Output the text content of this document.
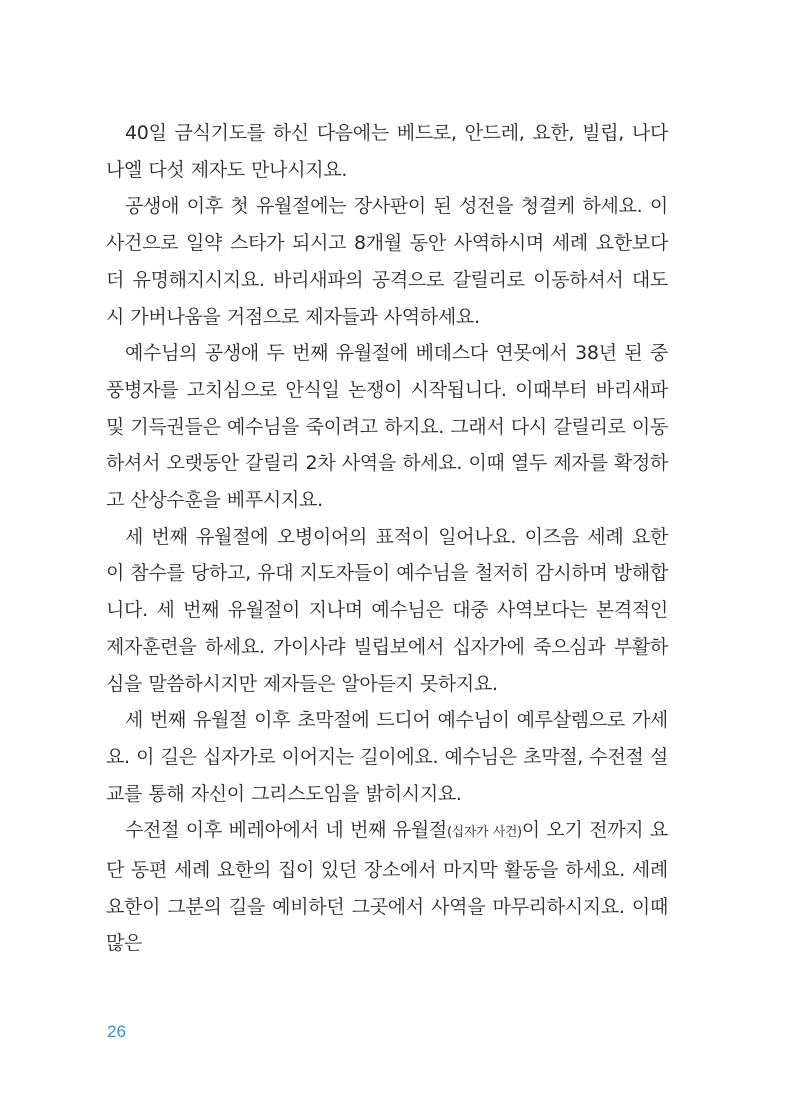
40일 금식기도를 하신 다음에는 베드로, 안드레, 요한, 빌립, 나다나엘 다섯 제자도 만나시지요.

공생애 이후 첫 유월절에는 장사판이 된 성전을 청결케 하세요. 이 사건으로 일약 스타가 되시고 8개월 동안 사역하시며 세례 요한보다 더 유명해지시지요. 바리새파의 공격으로 갈릴리로 이동하셔서 대도시 가버나움을 거점으로 제자들과 사역하세요.

예수님의 공생애 두 번째 유월절에 베데스다 연못에서 38년 된 중풍병자를 고치심으로 안식일 논쟁이 시작됩니다. 이때부터 바리새파 및 기득권들은 예수님을 죽이려고 하지요. 그래서 다시 갈릴리로 이동하셔서 오랫동안 갈릴리 2차 사역을 하세요. 이때 열두 제자를 확정하고 산상수훈을 베푸시지요.

세 번째 유월절에 오병이어의 표적이 일어나요. 이즈음 세례 요한이 참수를 당하고, 유대 지도자들이 예수님을 철저히 감시하며 방해합니다. 세 번째 유월절이 지나며 예수님은 대중 사역보다는 본격적인 제자훈련을 하세요. 가이사랴 빌립보에서 십자가에 죽으심과 부활하심을 말씀하시지만 제자들은 알아듣지 못하지요.

세 번째 유월절 이후 초막절에 드디어 예수님이 예루살렘으로 가세요. 이 길은 십자가로 이어지는 길이에요. 예수님은 초막절, 수전절 설교를 통해 자신이 그리스도임을 밝히시지요.

수전절 이후 베레아에서 네 번째 유월절(십자가 사건)이 오기 전까지 요단 동편 세례 요한의 집이 있던 장소에서 마지막 활동을 하세요. 세례 요한이 그분의 길을 예비하던 그곳에서 사역을 마무리하시지요. 이때 많은

26
